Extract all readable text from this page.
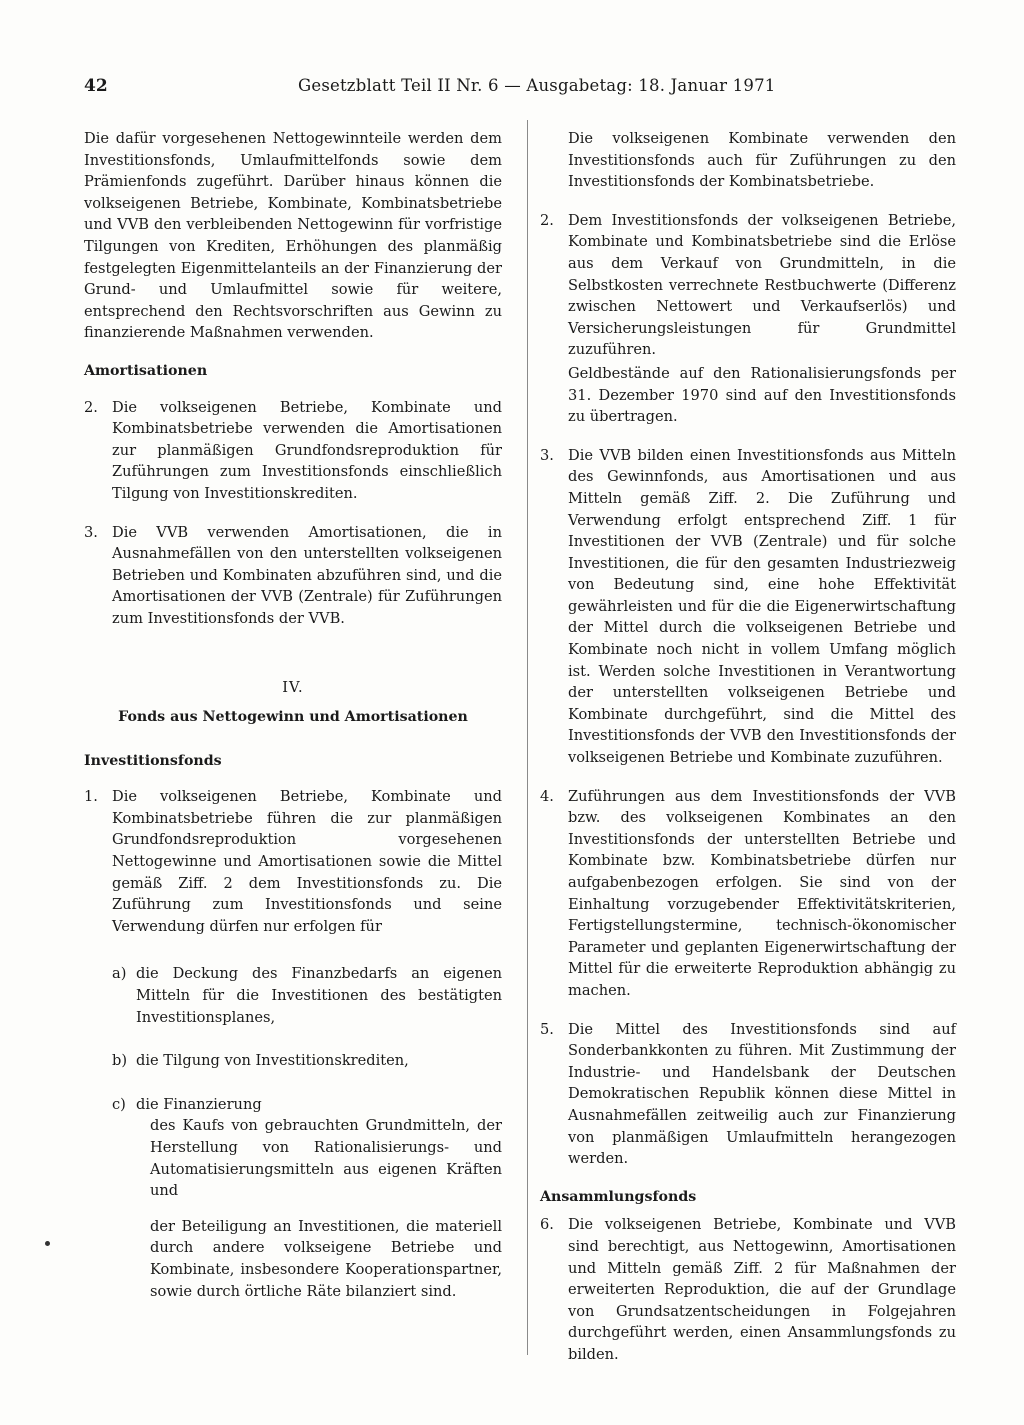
42	Gesetzblatt Teil II Nr. 6 — Ausgabetag: 18. Januar 1971

Die dafür vorgesehenen Nettogewinnteile werden dem Investitionsfonds, Umlaufmittelfonds sowie dem Prämienfonds zugeführt. Darüber hinaus können die volkseigenen Betriebe, Kombinate, Kombinatsbetriebe und VVB den verbleibenden Nettogewinn für vorfristige Tilgungen von Krediten, Erhöhungen des planmäßig festgelegten Eigenmittelanteils an der Finanzierung der Grund- und Umlaufmittel sowie für weitere, entsprechend den Rechtsvorschriften aus Gewinn zu finanzierende Maßnahmen verwenden.

Amortisationen
2. Die volkseigenen Betriebe, Kombinate und Kombinatsbetriebe verwenden die Amortisationen zur planmäßigen Grundfondsreproduktion für Zuführungen zum Investitionsfonds einschließlich Tilgung von Investitionskrediten.
3. Die VVB verwenden Amortisationen, die in Ausnahmefällen von den unterstellten volkseigenen Betrieben und Kombinaten abzuführen sind, und die Amortisationen der VVB (Zentrale) für Zuführungen zum Investitionsfonds der VVB.
IV.
Fonds aus Nettogewinn und Amortisationen
Investitionsfonds
1. Die volkseigenen Betriebe, Kombinate und Kombinatsbetriebe führen die zur planmäßigen Grundfondsreproduktion vorgesehenen Nettogewinne und Amortisationen sowie die Mittel gemäß Ziff. 2 dem Investitionsfonds zu. Die Zuführung zum Investitionsfonds und seine Verwendung dürfen nur erfolgen für
a) die Deckung des Finanzbedarfs an eigenen Mitteln für die Investitionen des bestätigten Investitionsplanes,
b) die Tilgung von Investitionskrediten,
c) die Finanzierung

des Kaufs von gebrauchten Grundmitteln, der Herstellung von Rationalisierungs- und Automatisierungsmitteln aus eigenen Kräften und

der Beteiligung an Investitionen, die materiell durch andere volkseigene Betriebe und Kombinate, insbesondere Kooperationspartner, sowie durch örtliche Räte bilanziert sind.

Die volkseigenen Kombinate verwenden den Investitionsfonds auch für Zuführungen zu den Investitionsfonds der Kombinatsbetriebe.

2. Dem Investitionsfonds der volkseigenen Betriebe, Kombinate und Kombinatsbetriebe sind die Erlöse aus dem Verkauf von Grundmitteln, in die Selbstkosten verrechnete Restbuchwerte (Differenz zwischen Nettowert und Verkaufserlös) und Versicherungsleistungen für Grundmittel zuzuführen.
Geldbestände auf den Rationalisierungsfonds per 31. Dezember 1970 sind auf den Investitionsfonds zu übertragen.
3. Die VVB bilden einen Investitionsfonds aus Mitteln des Gewinnfonds, aus Amortisationen und aus Mitteln gemäß Ziff. 2. Die Zuführung und Verwendung erfolgt entsprechend Ziff. 1 für Investitionen der VVB (Zentrale) und für solche Investitionen, die für den gesamten Industriezweig von Bedeutung sind, eine hohe Effektivität gewährleisten und für die die Eigenerwirtschaftung der Mittel durch die volkseigenen Betriebe und Kombinate noch nicht in vollem Umfang möglich ist. Werden solche Investitionen in Verantwortung der unterstellten volkseigenen Betriebe und Kombinate durchgeführt, sind die Mittel des Investitionsfonds der VVB den Investitionsfonds der volkseigenen Betriebe und Kombinate zuzuführen.
4. Zuführungen aus dem Investitionsfonds der VVB bzw. des volkseigenen Kombinates an den Investitionsfonds der unterstellten Betriebe und Kombinate bzw. Kombinatsbetriebe dürfen nur aufgabenbezogen erfolgen. Sie sind von der Einhaltung vorzugebender Effektivitätskriterien, Fertigstellungstermine, technisch-ökonomischer Parameter und geplanten Eigenerwirtschaftung der Mittel für die erweiterte Reproduktion abhängig zu machen.
5. Die Mittel des Investitionsfonds sind auf Sonderbankkonten zu führen. Mit Zustimmung der Industrie- und Handelsbank der Deutschen Demokratischen Republik können diese Mittel in Ausnahmefällen zeitweilig auch zur Finanzierung von planmäßigen Umlaufmitteln herangezogen werden.
Ansammlungsfonds
6. Die volkseigenen Betriebe, Kombinate und VVB sind berechtigt, aus Nettogewinn, Amortisationen und Mitteln gemäß Ziff. 2 für Maßnahmen der erweiterten Reproduktion, die auf der Grundlage von Grundsatzentscheidungen in Folgejahren durchgeführt werden, einen Ansammlungsfonds zu bilden.
